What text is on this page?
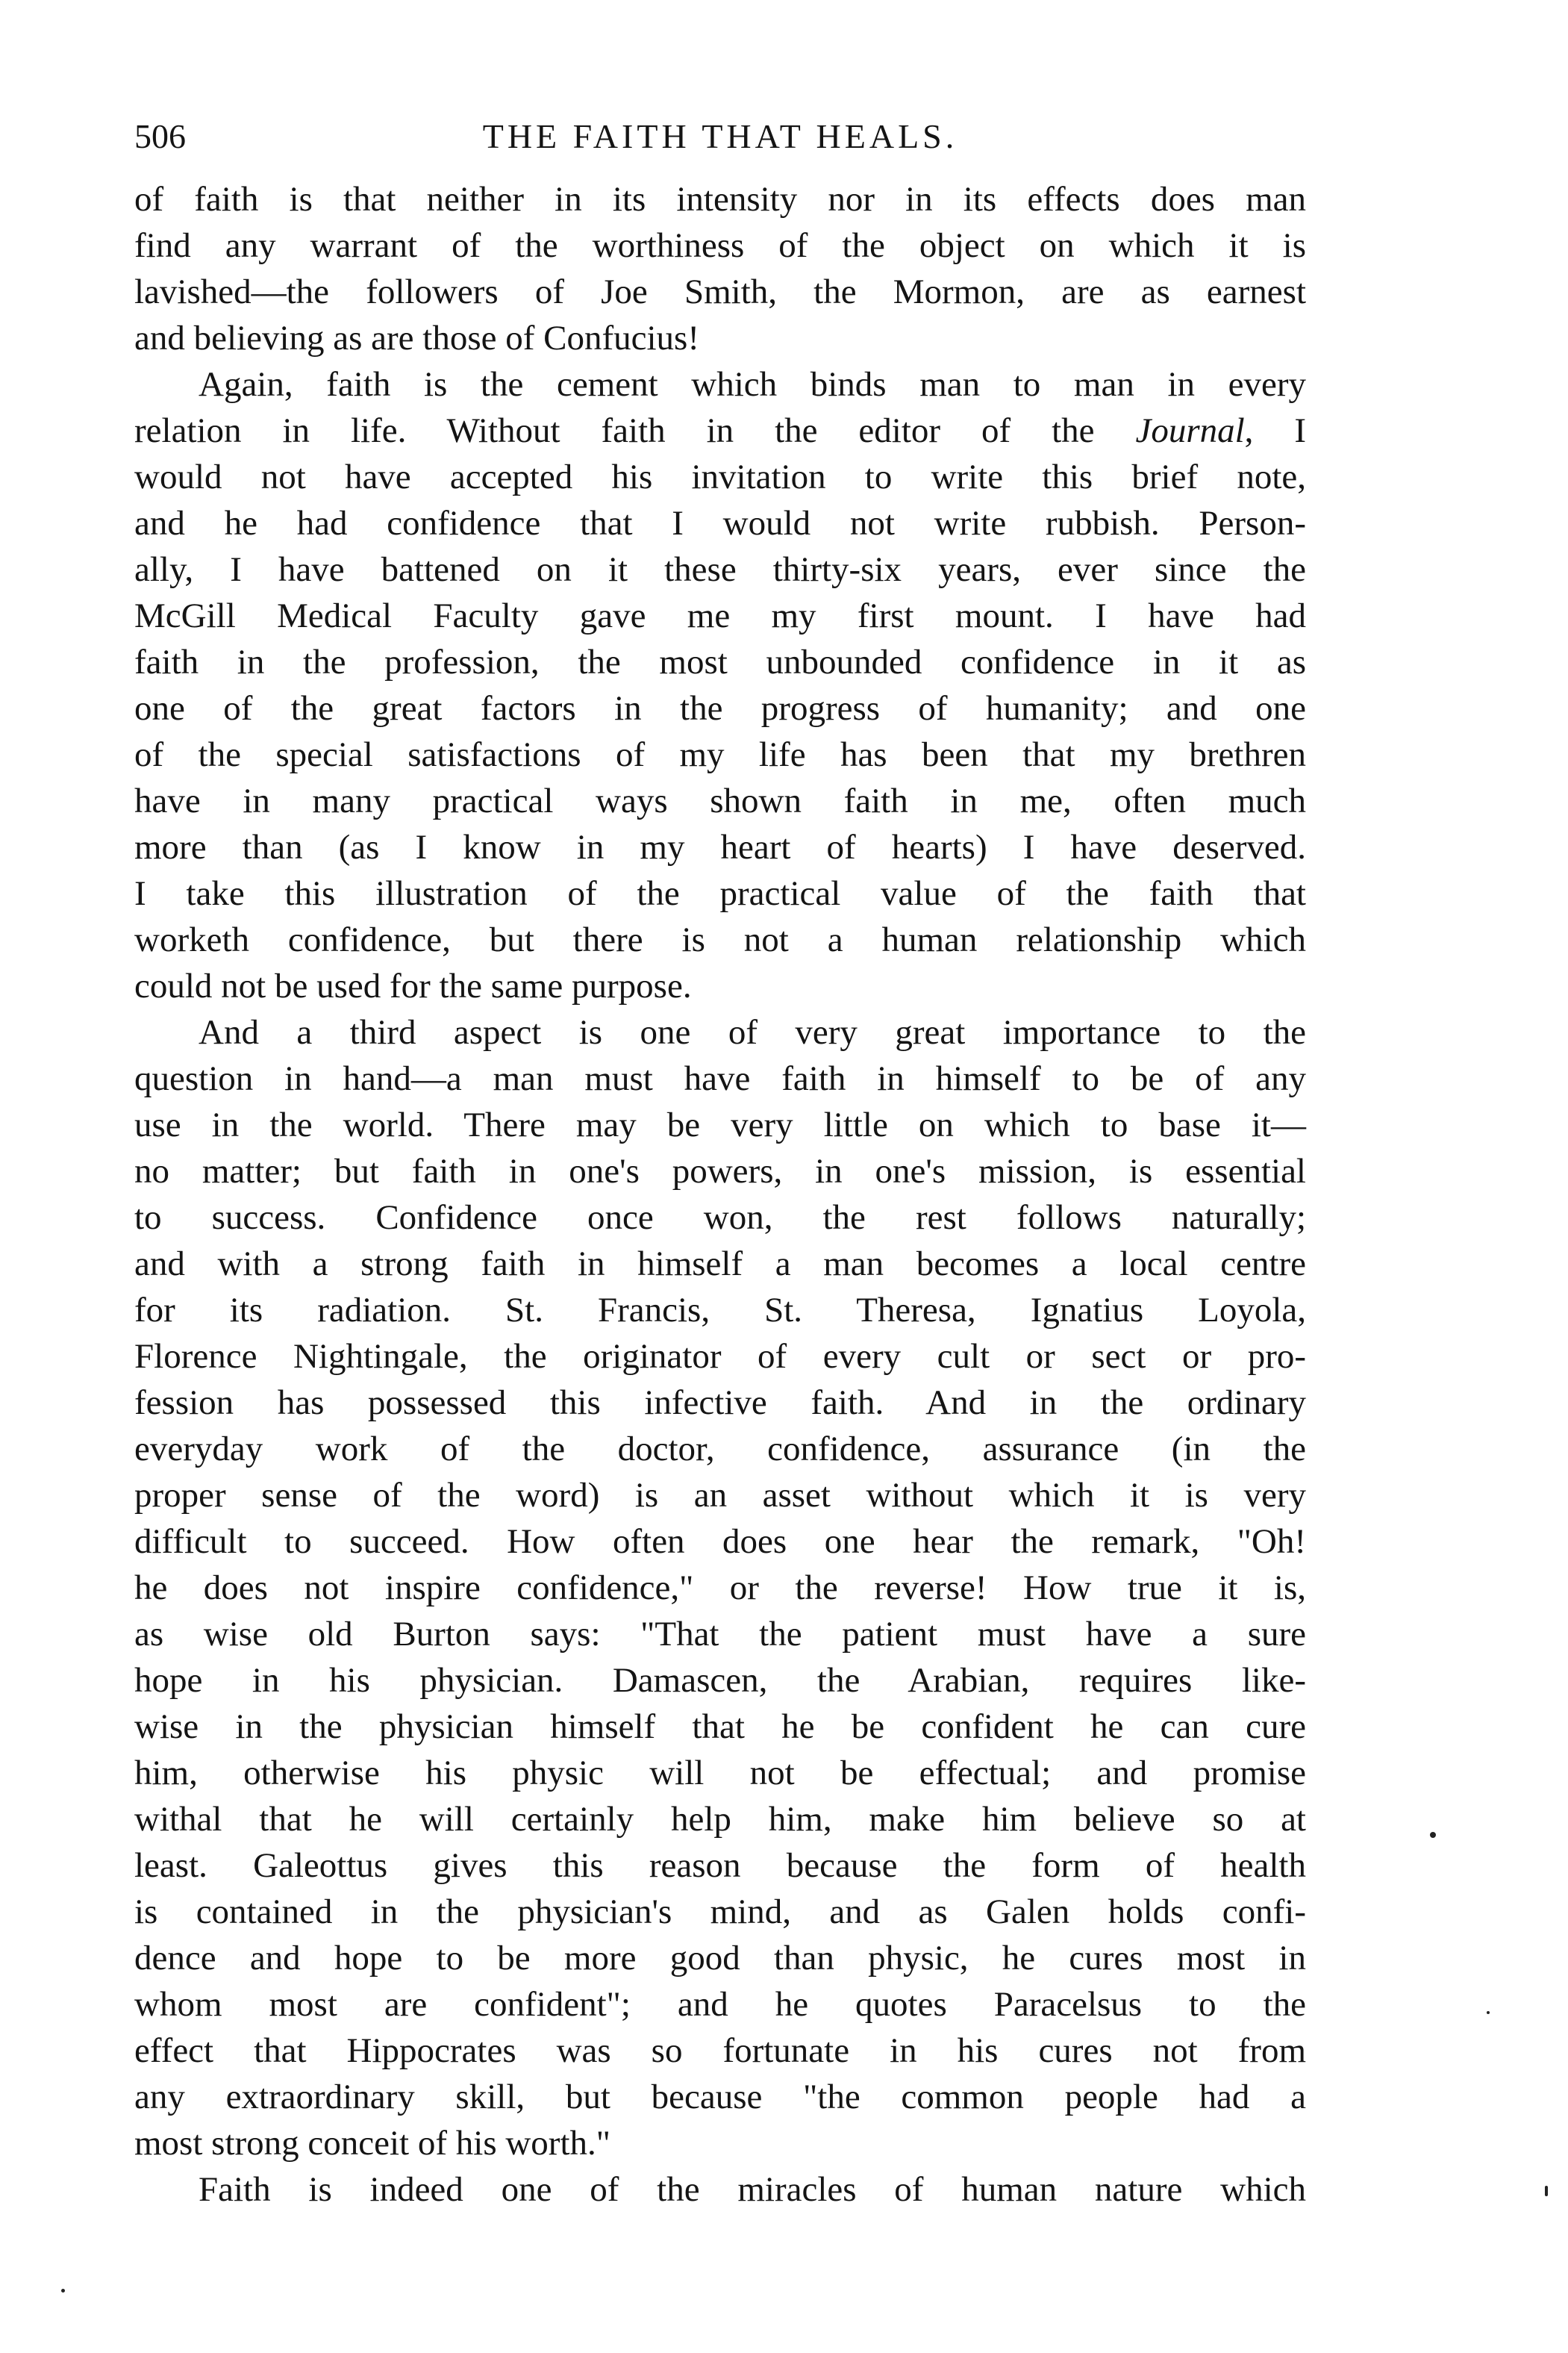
506	THE FAITH THAT HEALS.
of faith is that neither in its intensity nor in its effects does man
find any warrant of the worthiness of the object on which it is
lavished—the followers of Joe Smith, the Mormon, are as earnest
and believing as are those of Confucius!
Again, faith is the cement which binds man to man in every
relation in life. Without faith in the editor of the Journal, I
would not have accepted his invitation to write this brief note,
and he had confidence that I would not write rubbish. Person-
ally, I have battened on it these thirty-six years, ever since the
McGill Medical Faculty gave me my first mount. I have had
faith in the profession, the most unbounded confidence in it as
one of the great factors in the progress of humanity; and one
of the special satisfactions of my life has been that my brethren
have in many practical ways shown faith in me, often much
more than (as I know in my heart of hearts) I have deserved.
I take this illustration of the practical value of the faith that
worketh confidence, but there is not a human relationship which
could not be used for the same purpose.
And a third aspect is one of very great importance to the
question in hand—a man must have faith in himself to be of any
use in the world. There may be very little on which to base it—
no matter; but faith in one's powers, in one's mission, is essential
to success. Confidence once won, the rest follows naturally;
and with a strong faith in himself a man becomes a local centre
for its radiation. St. Francis, St. Theresa, Ignatius Loyola,
Florence Nightingale, the originator of every cult or sect or pro-
fession has possessed this infective faith. And in the ordinary
everyday work of the doctor, confidence, assurance (in the
proper sense of the word) is an asset without which it is very
difficult to succeed. How often does one hear the remark, "Oh!
he does not inspire confidence," or the reverse! How true it is,
as wise old Burton says: "That the patient must have a sure
hope in his physician. Damascen, the Arabian, requires like-
wise in the physician himself that he be confident he can cure
him, otherwise his physic will not be effectual; and promise
withal that he will certainly help him, make him believe so at
least. Galeottus gives this reason because the form of health
is contained in the physician's mind, and as Galen holds confi-
dence and hope to be more good than physic, he cures most in
whom most are confident"; and he quotes Paracelsus to the
effect that Hippocrates was so fortunate in his cures not from
any extraordinary skill, but because "the common people had a
most strong conceit of his worth."
Faith is indeed one of the miracles of human nature which
